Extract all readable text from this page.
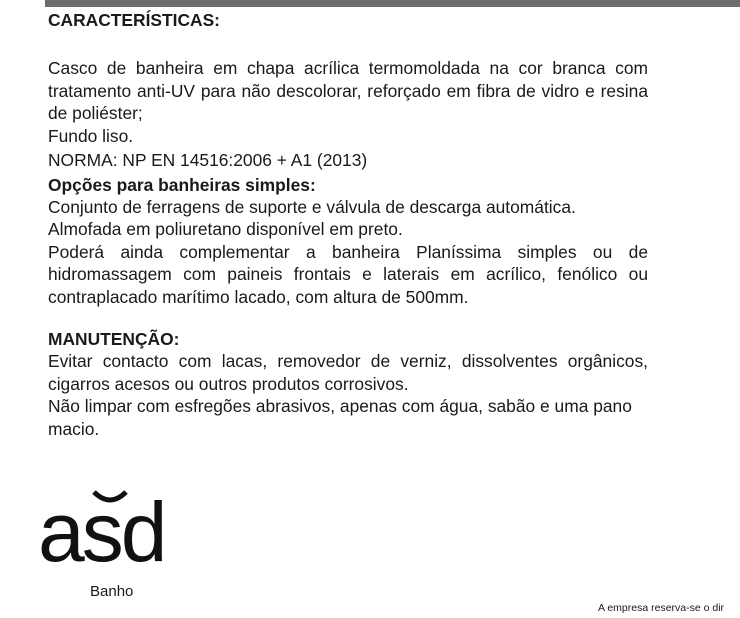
CARACTERÍSTICAS:

Casco de banheira em chapa acrílica termomoldada na cor branca com tratamento anti-UV para não descolorar, reforçado em fibra de vidro e resina de poliéster;

Fundo liso.

NORMA: NP EN 14516:2006 + A1 (2013)

Opções para banheiras simples:

Conjunto de ferragens de suporte e válvula de descarga automática.

Almofada em poliuretano disponível em preto.

Poderá ainda complementar a banheira Planíssima simples ou de hidromassagem com paineis frontais e laterais em acrílico, fenólico ou contraplacado marítimo lacado, com altura de 500mm.

MANUTENÇÃO:

Evitar contacto com lacas, removedor de verniz, dissolventes orgânicos, cigarros acesos ou outros produtos corrosivos.

Não limpar com esfregões abrasivos, apenas com água, sabão e uma pano macio.

asd
Banho
A empresa reserva-se o dir
